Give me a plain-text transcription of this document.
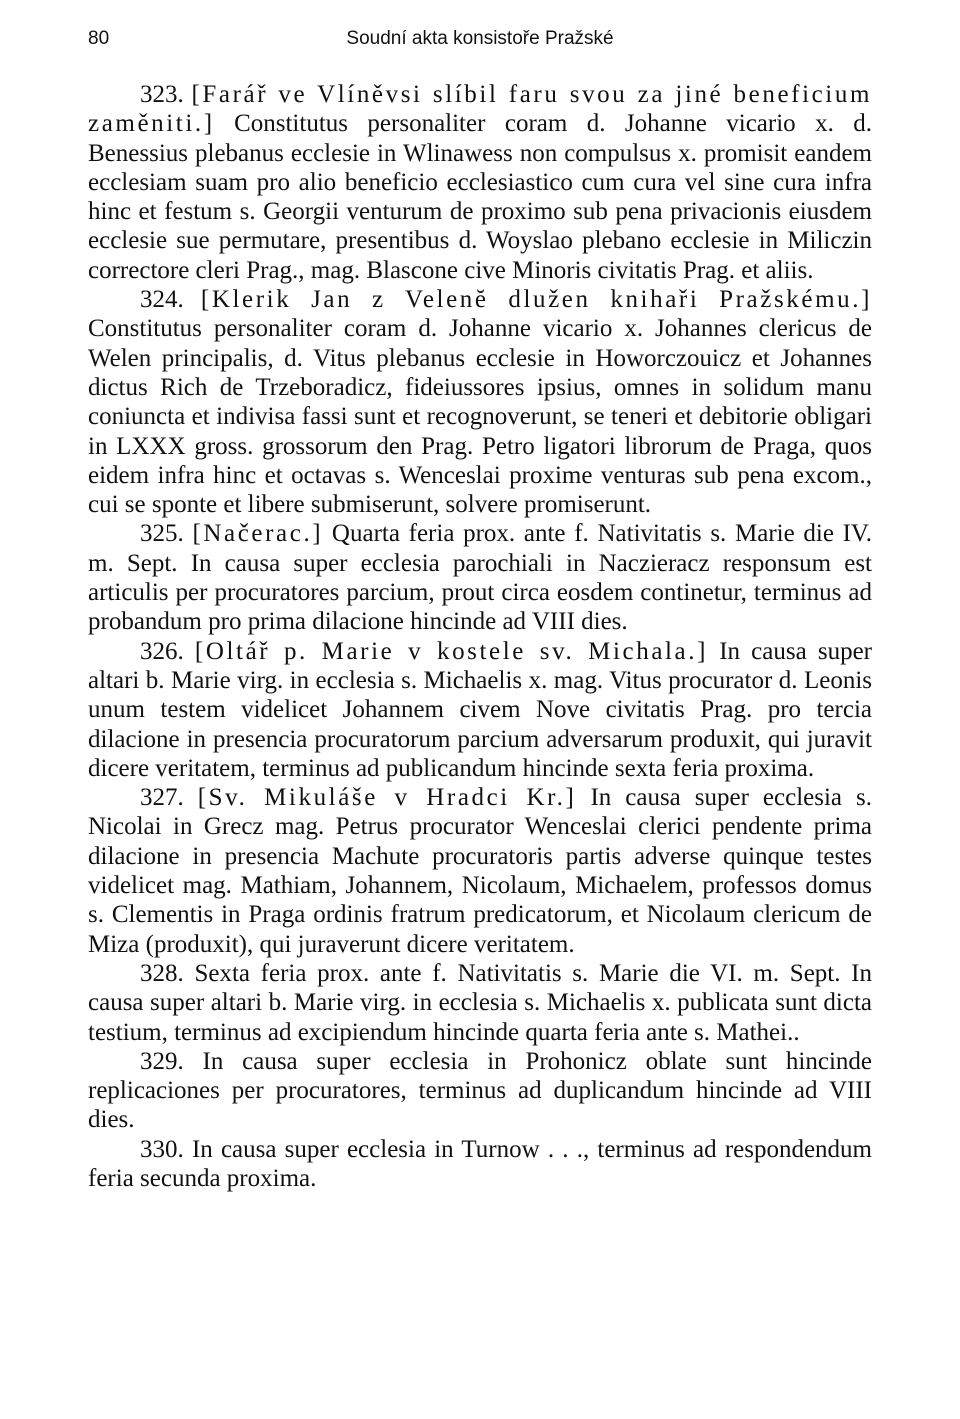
80	Soudní akta konsistoře Pražské

323. [Farář ve Vlíněvsi slíbil faru svou za jiné beneficium zaměniti.] Constitutus personaliter coram d. Johanne vicario x. d. Benessius plebanus ecclesie in Wlinawess non compulsus x. promisit eandem ecclesiam suam pro alio beneficio ecclesiastico cum cura vel sine cura infra hinc et festum s. Georgii venturum de proximo sub pena privacionis eiusdem ecclesie sue permutare, presentibus d. Woyslao plebano ecclesie in Miliczin correctore cleri Prag., mag. Blascone cive Minoris civitatis Prag. et aliis.

324. [Klerik Jan z Velenĕ dlužen knihaři Pražskému.] Constitutus personaliter coram d. Johanne vicario x. Johannes clericus de Welen principalis, d. Vitus plebanus ecclesie in Howorczouicz et Johannes dictus Rich de Trzeboradicz, fideiussores ipsius, omnes in solidum manu coniuncta et indivisa fassi sunt et recognoverunt, se teneri et debitorie obligari in LXXX gross. grossorum den Prag. Petro ligatori librorum de Praga, quos eidem infra hinc et octavas s. Wenceslai proxime venturas sub pena excom., cui se sponte et libere submiserunt, solvere promiserunt.

325. [Načerac.] Quarta feria prox. ante f. Nativitatis s. Marie die IV. m. Sept. In causa super ecclesia parochiali in Naczieracz responsum est articulis per procuratores parcium, prout circa eosdem continetur, terminus ad probandum pro prima dilacione hincinde ad VIII dies.

326. [Oltář p. Marie v kostele sv. Michala.] In causa super altari b. Marie virg. in ecclesia s. Michaelis x. mag. Vitus procurator d. Leonis unum testem videlicet Johannem civem Nove civitatis Prag. pro tercia dilacione in presencia procuratorum parcium adversarum produxit, qui juravit dicere veritatem, terminus ad publicandum hincinde sexta feria proxima.

327. [Sv. Mikuláše v Hradci Kr.] In causa super ecclesia s. Nicolai in Grecz mag. Petrus procurator Wenceslai clerici pendente prima dilacione in presencia Machute procuratoris partis adverse quinque testes videlicet mag. Mathiam, Johannem, Nicolaum, Michaelem, professos domus s. Clementis in Praga ordinis fratrum predicatorum, et Nicolaum clericum de Miza (produxit), qui juraverunt dicere veritatem.

328. Sexta feria prox. ante f. Nativitatis s. Marie die VI. m. Sept. In causa super altari b. Marie virg. in ecclesia s. Michaelis x. publicata sunt dicta testium, terminus ad excipiendum hincinde quarta feria ante s. Mathei..

329. In causa super ecclesia in Prohonicz oblate sunt hincinde replicaciones per procuratores, terminus ad duplicandum hincinde ad VIII dies.

330. In causa super ecclesia in Turnow . . ., terminus ad respondendum feria secunda proxima.
